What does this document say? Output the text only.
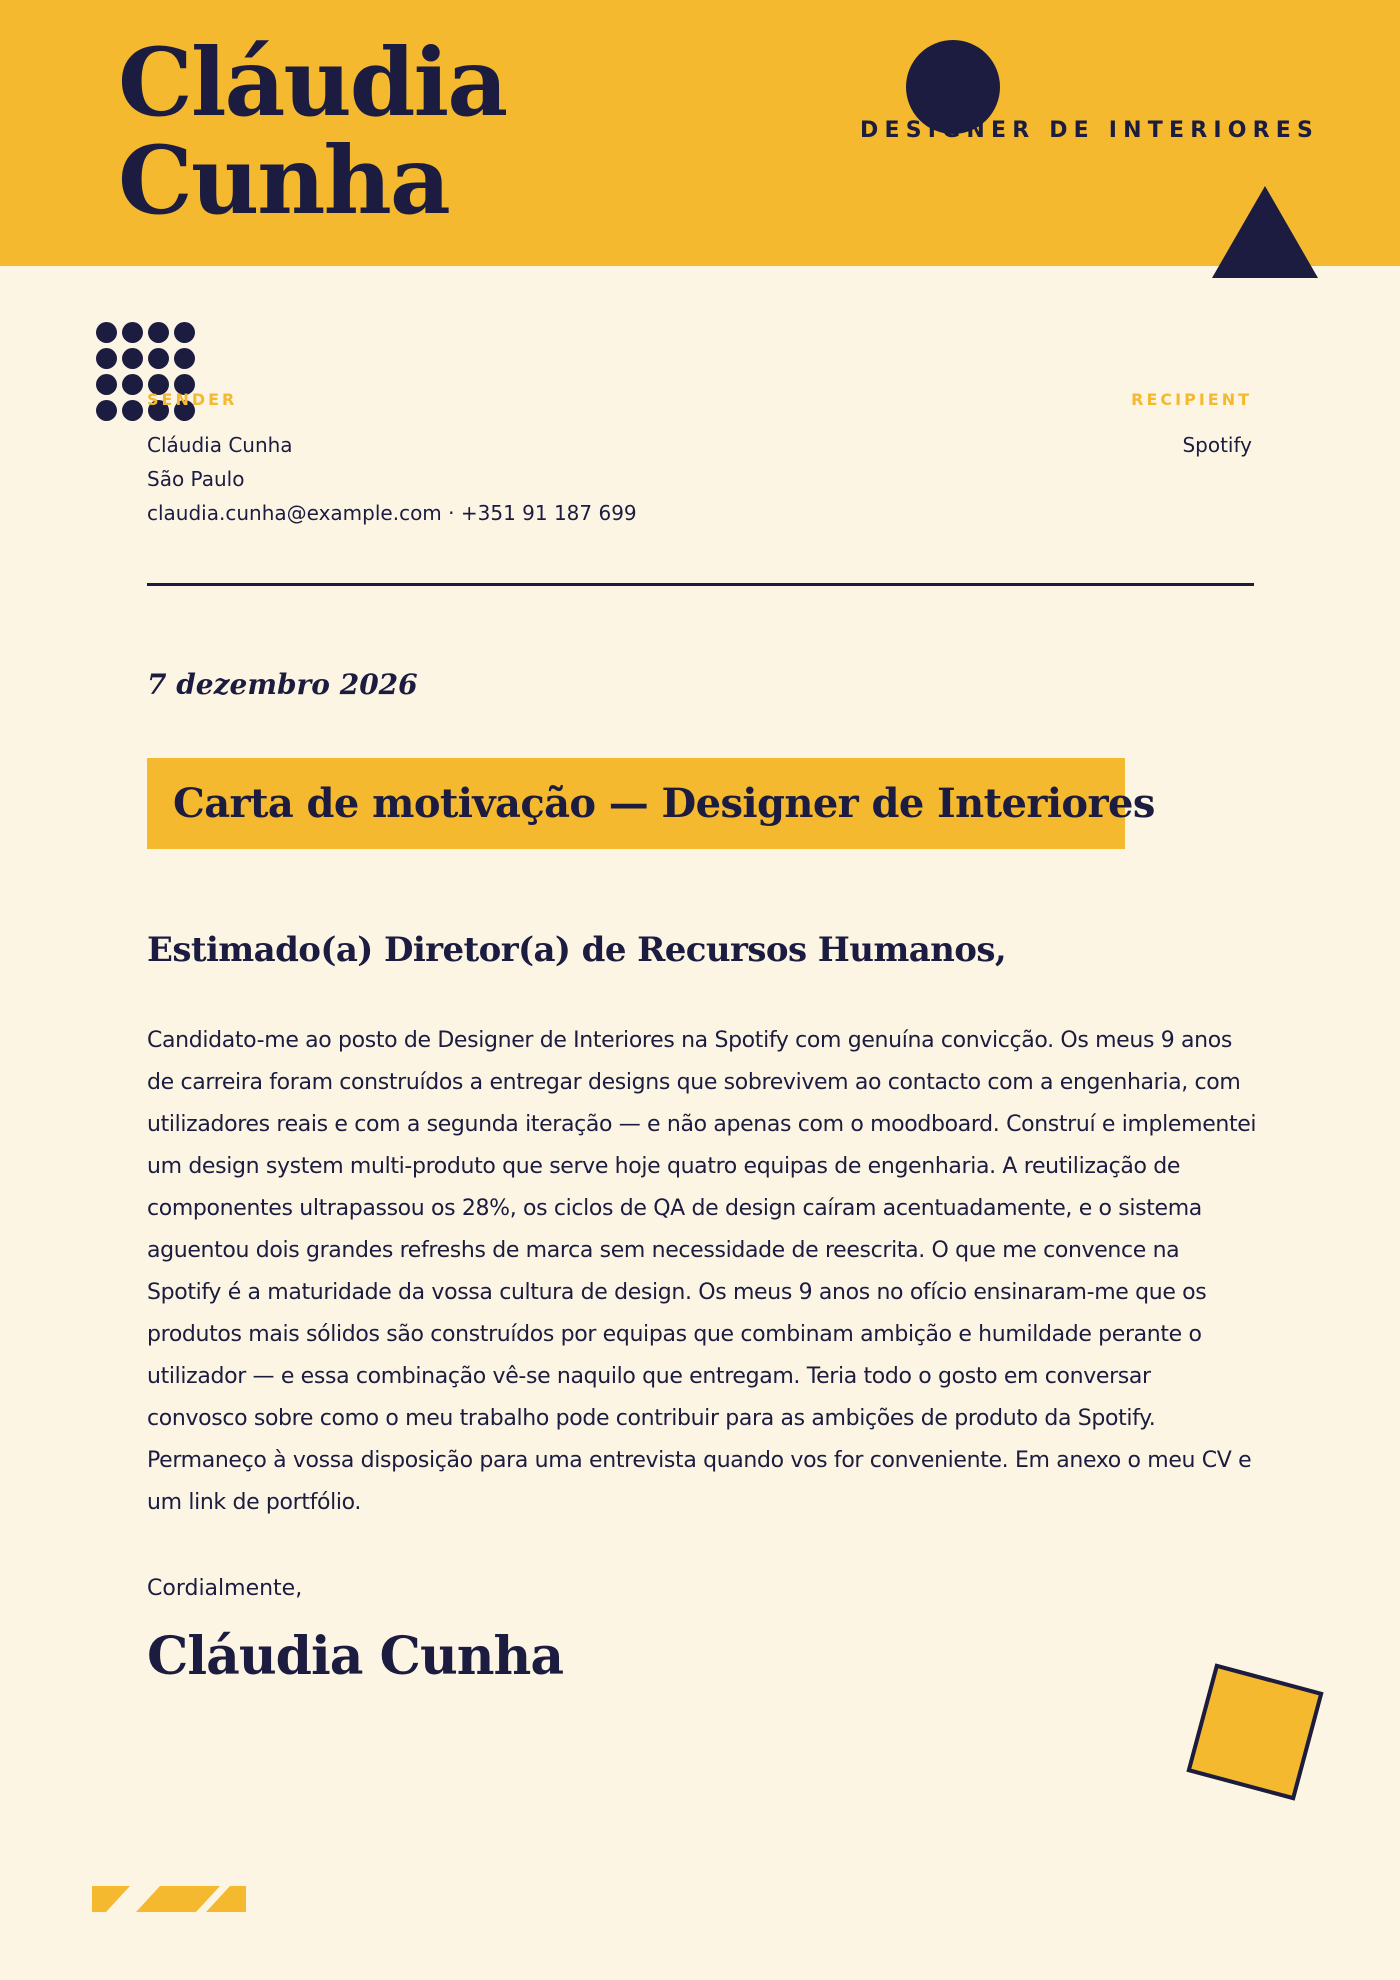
Cláudia
Cunha	DESIGNER DE INTERIORES
SENDER	RECIPIENT
Cláudia Cunha
São Paulo
claudia.cunha@example.com · +351 91 187 699
Spotify
7 dezembro 2026
Carta de motivação — Designer de Interiores
Estimado(a) Diretor(a) de Recursos Humanos,

Candidato-me ao posto de Designer de Interiores na Spotify com genuína convicção. Os meus 9 anos de carreira foram construídos a entregar designs que sobrevivem ao contacto com a engenharia, com utilizadores reais e com a segunda iteração — e não apenas com o moodboard. Construí e implementei um design system multi-produto que serve hoje quatro equipas de engenharia. A reutilização de componentes ultrapassou os 28%, os ciclos de QA de design caíram acentuadamente, e o sistema aguentou dois grandes refreshs de marca sem necessidade de reescrita. O que me convence na Spotify é a maturidade da vossa cultura de design. Os meus 9 anos no ofício ensinaram-me que os produtos mais sólidos são construídos por equipas que combinam ambição e humildade perante o utilizador — e essa combinação vê-se naquilo que entregam. Teria todo o gosto em conversar convosco sobre como o meu trabalho pode contribuir para as ambições de produto da Spotify. Permaneço à vossa disposição para uma entrevista quando vos for conveniente. Em anexo o meu CV e um link de portfólio.

Cordialmente,
Cláudia Cunha
